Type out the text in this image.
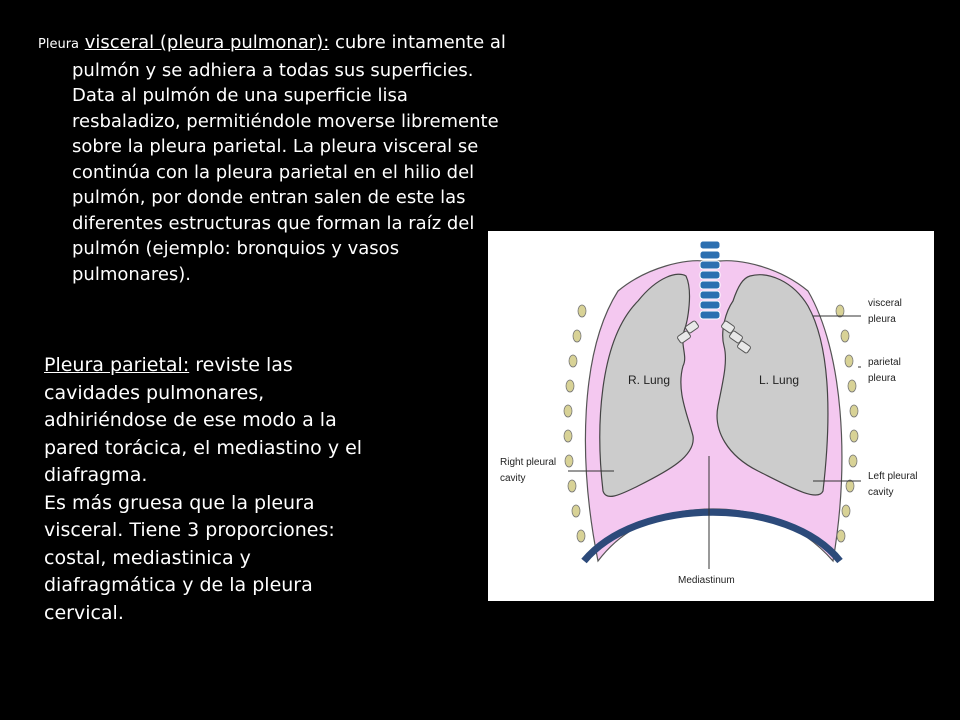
Pleura visceral (pleura pulmonar): cubre intamente al pulmón y se adhiera a todas sus superficies. Data al pulmón de una superficie lisa resbaladizo, permitiéndole moverse libremente sobre la pleura parietal. La pleura visceral se continúa con la pleura parietal en el hilio del pulmón, por donde entran salen de este las diferentes estructuras que forman la raíz del pulmón (ejemplo: bronquios y vasos pulmonares).
Pleura parietal: reviste las cavidades pulmonares, adhiriéndose de ese modo a la pared torácica, el mediastino y el diafragma.
Es más gruesa que la pleura visceral. Tiene 3 proporciones: costal, mediastinica y diafragmática y de la pleura cervical.
R. Lung	L. Lung
visceral
pleura
parietal
pleura
Right pleural
cavity	Left pleural
cavity
Mediastinum
